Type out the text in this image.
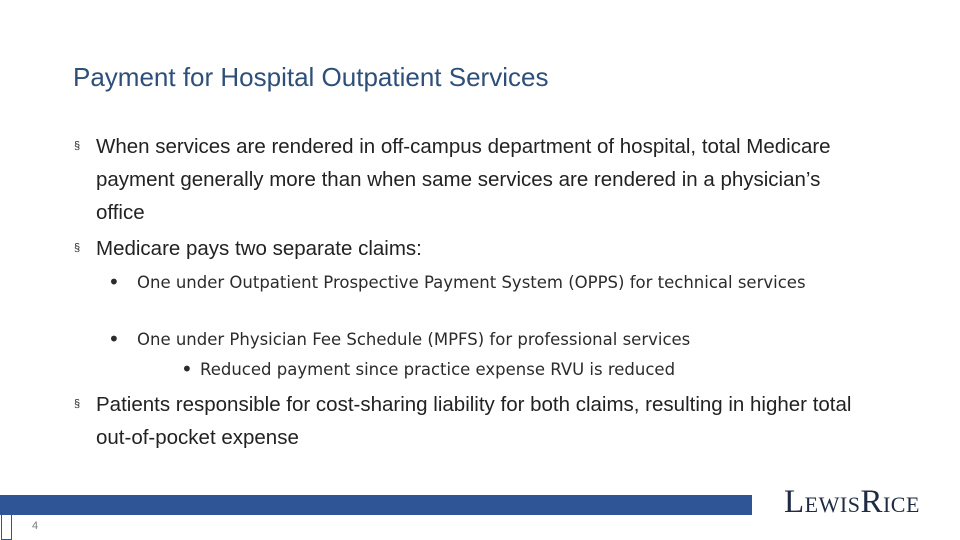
Payment for Hospital Outpatient Services
§ When services are rendered in off-campus department of hospital, total Medicare payment generally more than when same services are rendered in a physician’s office
§ Medicare pays two separate claims:
• One under Outpatient Prospective Payment System (OPPS) for technical services
• One under Physician Fee Schedule (MPFS) for professional services
• Reduced payment since practice expense RVU is reduced
§ Patients responsible for cost-sharing liability for both claims, resulting in higher total out-of-pocket expense
4
LEWISRICE
